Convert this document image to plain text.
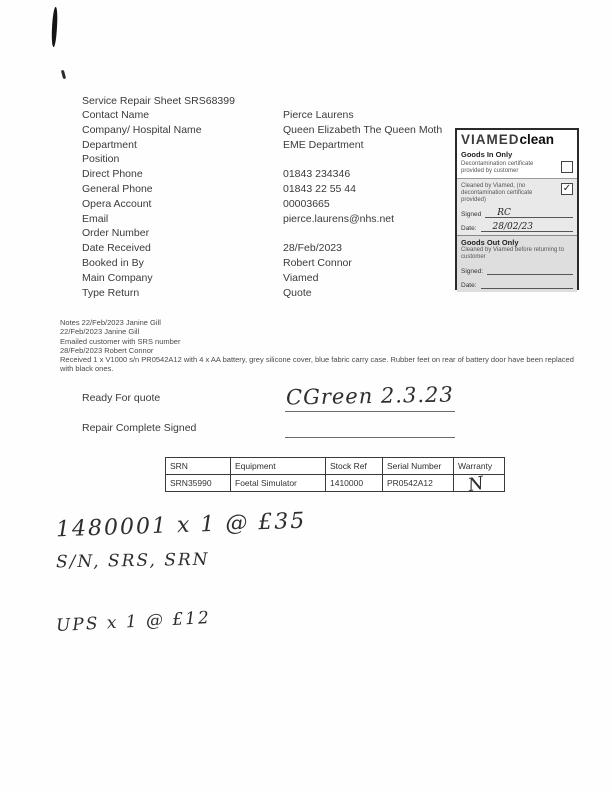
Service Repair Sheet SRS68399
Contact Name	Pierce Laurens
Company/ Hospital Name	Queen Elizabeth The Queen Moth
Department	EME Department
Position
Direct Phone	01843 234346
General Phone	01843 22 55 44
Opera Account	00003665
Email	pierce.laurens@nhs.net
Order Number
Date Received	28/Feb/2023
Booked in By	Robert Connor
Main Company	Viamed
Type Return	Quote
VIAMEDclean
Goods In Only
Decontamination certificate provided by customer
Cleaned by Viamed, (no decontamination certificate provided)
✓
Signed RC
Date: 28/02/23
Goods Out Only
Cleaned by Viamed before returning to customer
Signed:
Date:
Notes 22/Feb/2023 Janine Gill
22/Feb/2023 Janine Gill
Emailed customer with SRS number
28/Feb/2023 Robert Connor
Received 1 x V1000 s/n PR0542A12 with 4 x AA battery, grey silicone cover, blue fabric carry case. Rubber feet on rear of battery door have been replaced with black ones.
Ready For quote	CGreen 2.3.23
Repair Complete Signed
SRN	Equipment	Stock Ref	Serial Number	Warranty
SRN35990	Foetal Simulator	1410000	PR0542A12	N
1480001 x 1 @ £35
S/N, SRS, SRN
UPS x 1 @ £12
